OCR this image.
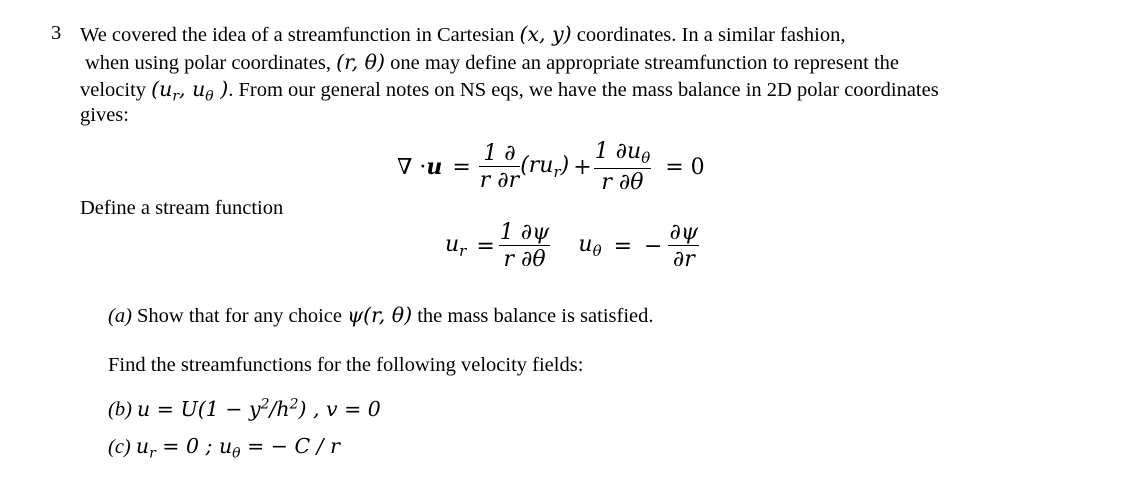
3 We covered the idea of a streamfunction in Cartesian (x, y) coordinates. In a similar fashion,
when using polar coordinates, (r, θ) one may define an appropriate streamfunction to represent the
velocity ($u_r$, $u_\theta$ ). From our general notes on NS eqs, we have the mass balance in 2D polar coordinates
gives:
∇ · $u = \frac{1 \partial}{r \partial r} (ru_r) + \frac{1 \partial u_\theta}{r \partial\theta} = 0$
Define a stream function
$u_r = \frac{1 \partial\psi}{r \partial\theta} u_\theta$ = − $\frac{\partial\psi}{\partial r}$
(a) Show that for any choice ψ(r, θ) the mass balance is satisfied.
Find the streamfunctions for the following velocity fields:
(b) $u = U(1 - y^2/h^2)$ , v = 0
(c) $u_r = 0$ ; $u_\theta$ = − C / r
